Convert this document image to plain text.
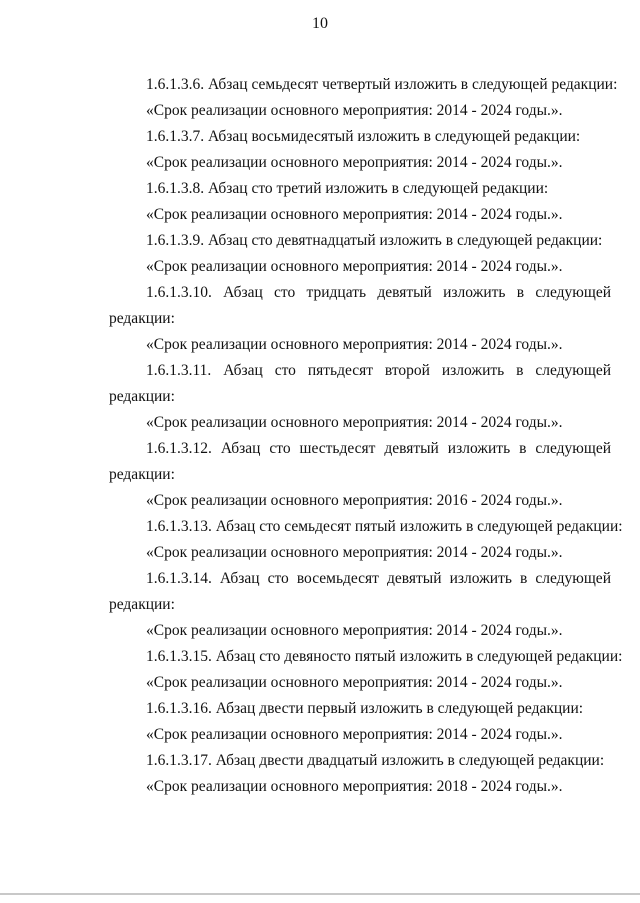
10

1.6.1.3.6. Абзац семьдесят четвертый изложить в следующей редакции:

«Срок реализации основного мероприятия: 2014 - 2024 годы.».

1.6.1.3.7. Абзац восьмидесятый изложить в следующей редакции:

«Срок реализации основного мероприятия: 2014 - 2024 годы.».

1.6.1.3.8. Абзац сто третий изложить в следующей редакции:

«Срок реализации основного мероприятия: 2014 - 2024 годы.».

1.6.1.3.9. Абзац сто девятнадцатый изложить в следующей редакции:

«Срок реализации основного мероприятия: 2014 - 2024 годы.».

1.6.1.3.10. Абзац сто тридцать девятый изложить в следующей редакции:

«Срок реализации основного мероприятия: 2014 - 2024 годы.».

1.6.1.3.11. Абзац сто пятьдесят второй изложить в следующей редакции:

«Срок реализации основного мероприятия: 2014 - 2024 годы.».

1.6.1.3.12. Абзац сто шестьдесят девятый изложить в следующей редакции:

«Срок реализации основного мероприятия: 2016 - 2024 годы.».

1.6.1.3.13. Абзац сто семьдесят пятый изложить в следующей редакции:

«Срок реализации основного мероприятия: 2014 - 2024 годы.».

1.6.1.3.14. Абзац сто восемьдесят девятый изложить в следующей редакции:

«Срок реализации основного мероприятия: 2014 - 2024 годы.».

1.6.1.3.15. Абзац сто девяносто пятый изложить в следующей редакции:

«Срок реализации основного мероприятия: 2014 - 2024 годы.».

1.6.1.3.16. Абзац двести первый изложить в следующей редакции:

«Срок реализации основного мероприятия: 2014 - 2024 годы.».

1.6.1.3.17. Абзац двести двадцатый изложить в следующей редакции:

«Срок реализации основного мероприятия: 2018 - 2024 годы.».
